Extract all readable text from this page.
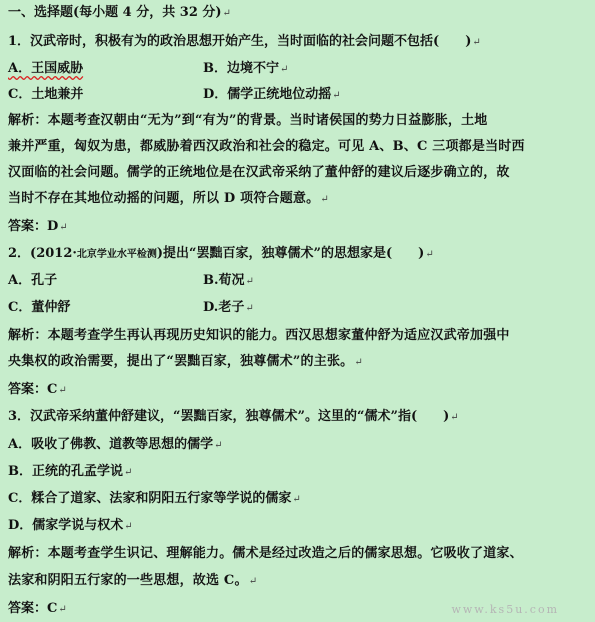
一、选择题(每小题 4 分，共 32 分)↵
1．汉武帝时，积极有为的政治思想开始产生，当时面临的社会问题不包括(　　)↵
A．王国威胁	B．边境不宁↵
C．土地兼并	D．儒学正统地位动摇↵
解析：本题考查汉朝由“无为”到“有为”的背景。当时诸侯国的势力日益膨胀，土地
兼并严重，匈奴为患，都威胁着西汉政治和社会的稳定。可见 A、B、C 三项都是当时西
汉面临的社会问题。儒学的正统地位是在汉武帝采纳了董仲舒的建议后逐步确立的，故
当时不存在其地位动摇的问题，所以 D 项符合题意。↵
答案：D↵
2．(2012·北京学业水平检测)提出“罢黜百家，独尊儒术”的思想家是(　　)↵
A．孔子	B.荀况↵
C．董仲舒	D.老子↵
解析：本题考查学生再认再现历史知识的能力。西汉思想家董仲舒为适应汉武帝加强中
央集权的政治需要，提出了“罢黜百家，独尊儒术”的主张。↵
答案：C↵
3．汉武帝采纳董仲舒建议，“罢黜百家，独尊儒术”。这里的“儒术”指(　　)↵
A．吸收了佛教、道教等思想的儒学↵
B．正统的孔孟学说↵
C．糅合了道家、法家和阴阳五行家等学说的儒家↵
D．儒家学说与权术↵
解析：本题考查学生识记、理解能力。儒术是经过改造之后的儒家思想。它吸收了道家、
法家和阴阳五行家的一些思想，故选 C。↵
答案：C↵	www.ks5u.com
